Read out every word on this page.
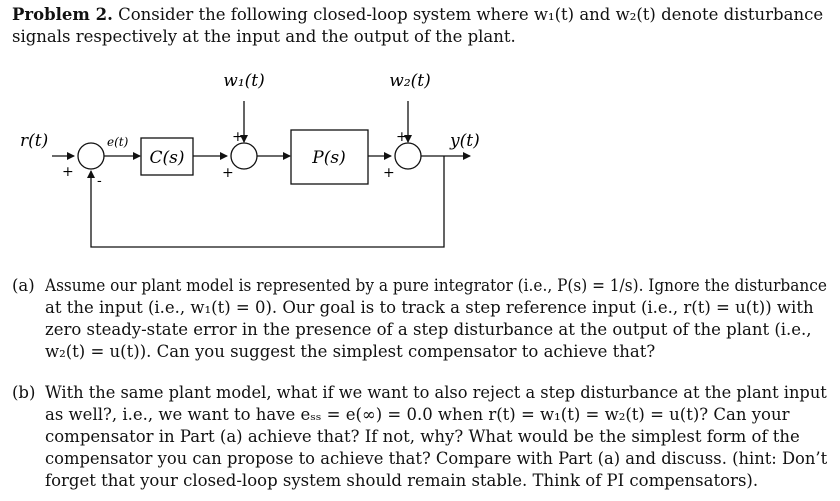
Problem 2. Consider the following closed-loop system where w₁(t) and w₂(t) denote disturbance
signals respectively at the input and the output of the plant.
r(t)
+
-
e(t)
C(s)
+
+
w₁(t)
P(s)
+
+
w₂(t)
y(t)
(a) Assume our plant model is represented by a pure integrator (i.e., P(s) = 1/s). Ignore the disturbance
at the input (i.e., w₁(t) = 0). Our goal is to track a step reference input (i.e., r(t) = u(t)) with
zero steady-state error in the presence of a step disturbance at the output of the plant (i.e.,
w₂(t) = u(t)). Can you suggest the simplest compensator to achieve that?
(b) With the same plant model, what if we want to also reject a step disturbance at the plant input
as well?, i.e., we want to have eₛₛ = e(∞) = 0.0 when r(t) = w₁(t) = w₂(t) = u(t)? Can your
compensator in Part (a) achieve that? If not, why? What would be the simplest form of the
compensator you can propose to achieve that? Compare with Part (a) and discuss. (hint: Don’t
forget that your closed-loop system should remain stable. Think of PI compensators).
